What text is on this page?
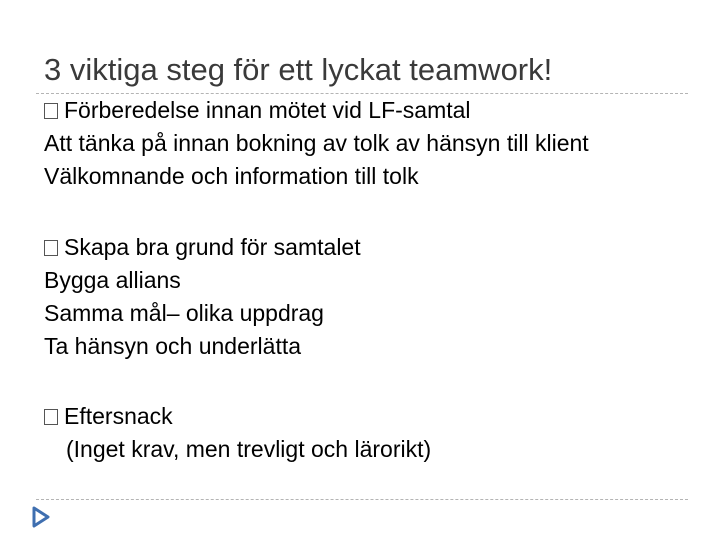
3 viktiga steg för ett lyckat teamwork!
Förberedelse innan mötet vid LF-samtal
Att tänka på innan bokning av tolk av hänsyn till klient
Välkomnande och information till tolk
Skapa bra grund för samtalet
Bygga allians
Samma mål– olika uppdrag
Ta hänsyn och underlätta
Eftersnack
(Inget krav, men trevligt och lärorikt)
